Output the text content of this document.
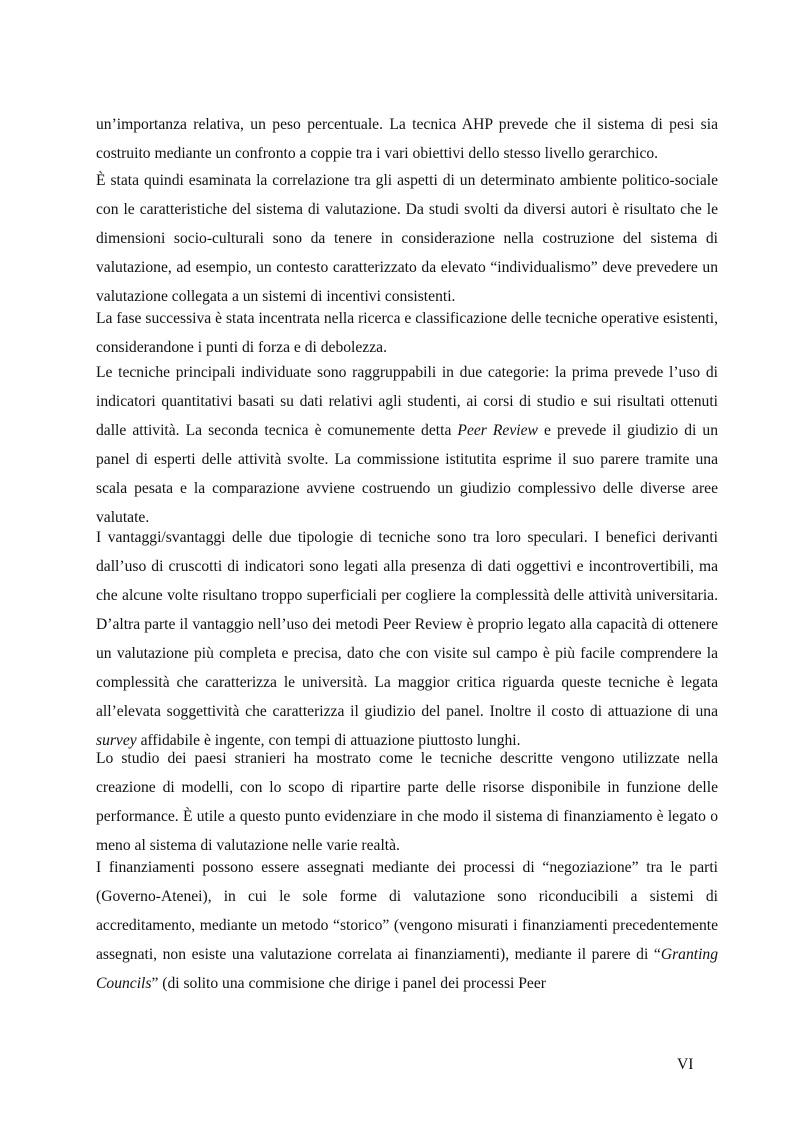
un’importanza relativa, un peso percentuale. La tecnica AHP prevede che il sistema di pesi sia costruito mediante un confronto a coppie tra i vari obiettivi dello stesso livello gerarchico.

È stata quindi esaminata la correlazione tra gli aspetti di un determinato ambiente politico-sociale con le caratteristiche del sistema di valutazione. Da studi svolti da diversi autori è risultato che le dimensioni socio-culturali sono da tenere in considerazione nella costruzione del sistema di valutazione, ad esempio, un contesto caratterizzato da elevato “individualismo” deve prevedere un valutazione collegata a un sistemi di incentivi consistenti.

La fase successiva è stata incentrata nella ricerca e classificazione delle tecniche operative esistenti, considerandone i punti di forza e di debolezza.

Le tecniche principali individuate sono raggruppabili in due categorie: la prima prevede l’uso di indicatori quantitativi basati su dati relativi agli studenti, ai corsi di studio e sui risultati ottenuti dalle attività. La seconda tecnica è comunemente detta Peer Review e prevede il giudizio di un panel di esperti delle attività svolte. La commissione istitutita esprime il suo parere tramite una scala pesata e la comparazione avviene costruendo un giudizio complessivo delle diverse aree valutate.

I vantaggi/svantaggi delle due tipologie di tecniche sono tra loro speculari. I benefici derivanti dall’uso di cruscotti di indicatori sono legati alla presenza di dati oggettivi e incontrovertibili, ma che alcune volte risultano troppo superficiali per cogliere la complessità delle attività universitaria. D’altra parte il vantaggio nell’uso dei metodi Peer Review è proprio legato alla capacità di ottenere un valutazione più completa e precisa, dato che con visite sul campo è più facile comprendere la complessità che caratterizza le università. La maggior critica riguarda queste tecniche è legata all’elevata soggettività che caratterizza il giudizio del panel. Inoltre il costo di attuazione di una survey affidabile è ingente, con tempi di attuazione piuttosto lunghi.

Lo studio dei paesi stranieri ha mostrato come le tecniche descritte vengono utilizzate nella creazione di modelli, con lo scopo di ripartire parte delle risorse disponibile in funzione delle performance. È utile a questo punto evidenziare in che modo il sistema di finanziamento è legato o meno al sistema di valutazione nelle varie realtà.

I finanziamenti possono essere assegnati mediante dei processi di “negoziazione” tra le parti (Governo-Atenei), in cui le sole forme di valutazione sono riconducibili a sistemi di accreditamento, mediante un metodo “storico” (vengono misurati i finanziamenti precedentemente assegnati, non esiste una valutazione correlata ai finanziamenti), mediante il parere di “Granting Councils” (di solito una commisione che dirige i panel dei processi Peer

VI
